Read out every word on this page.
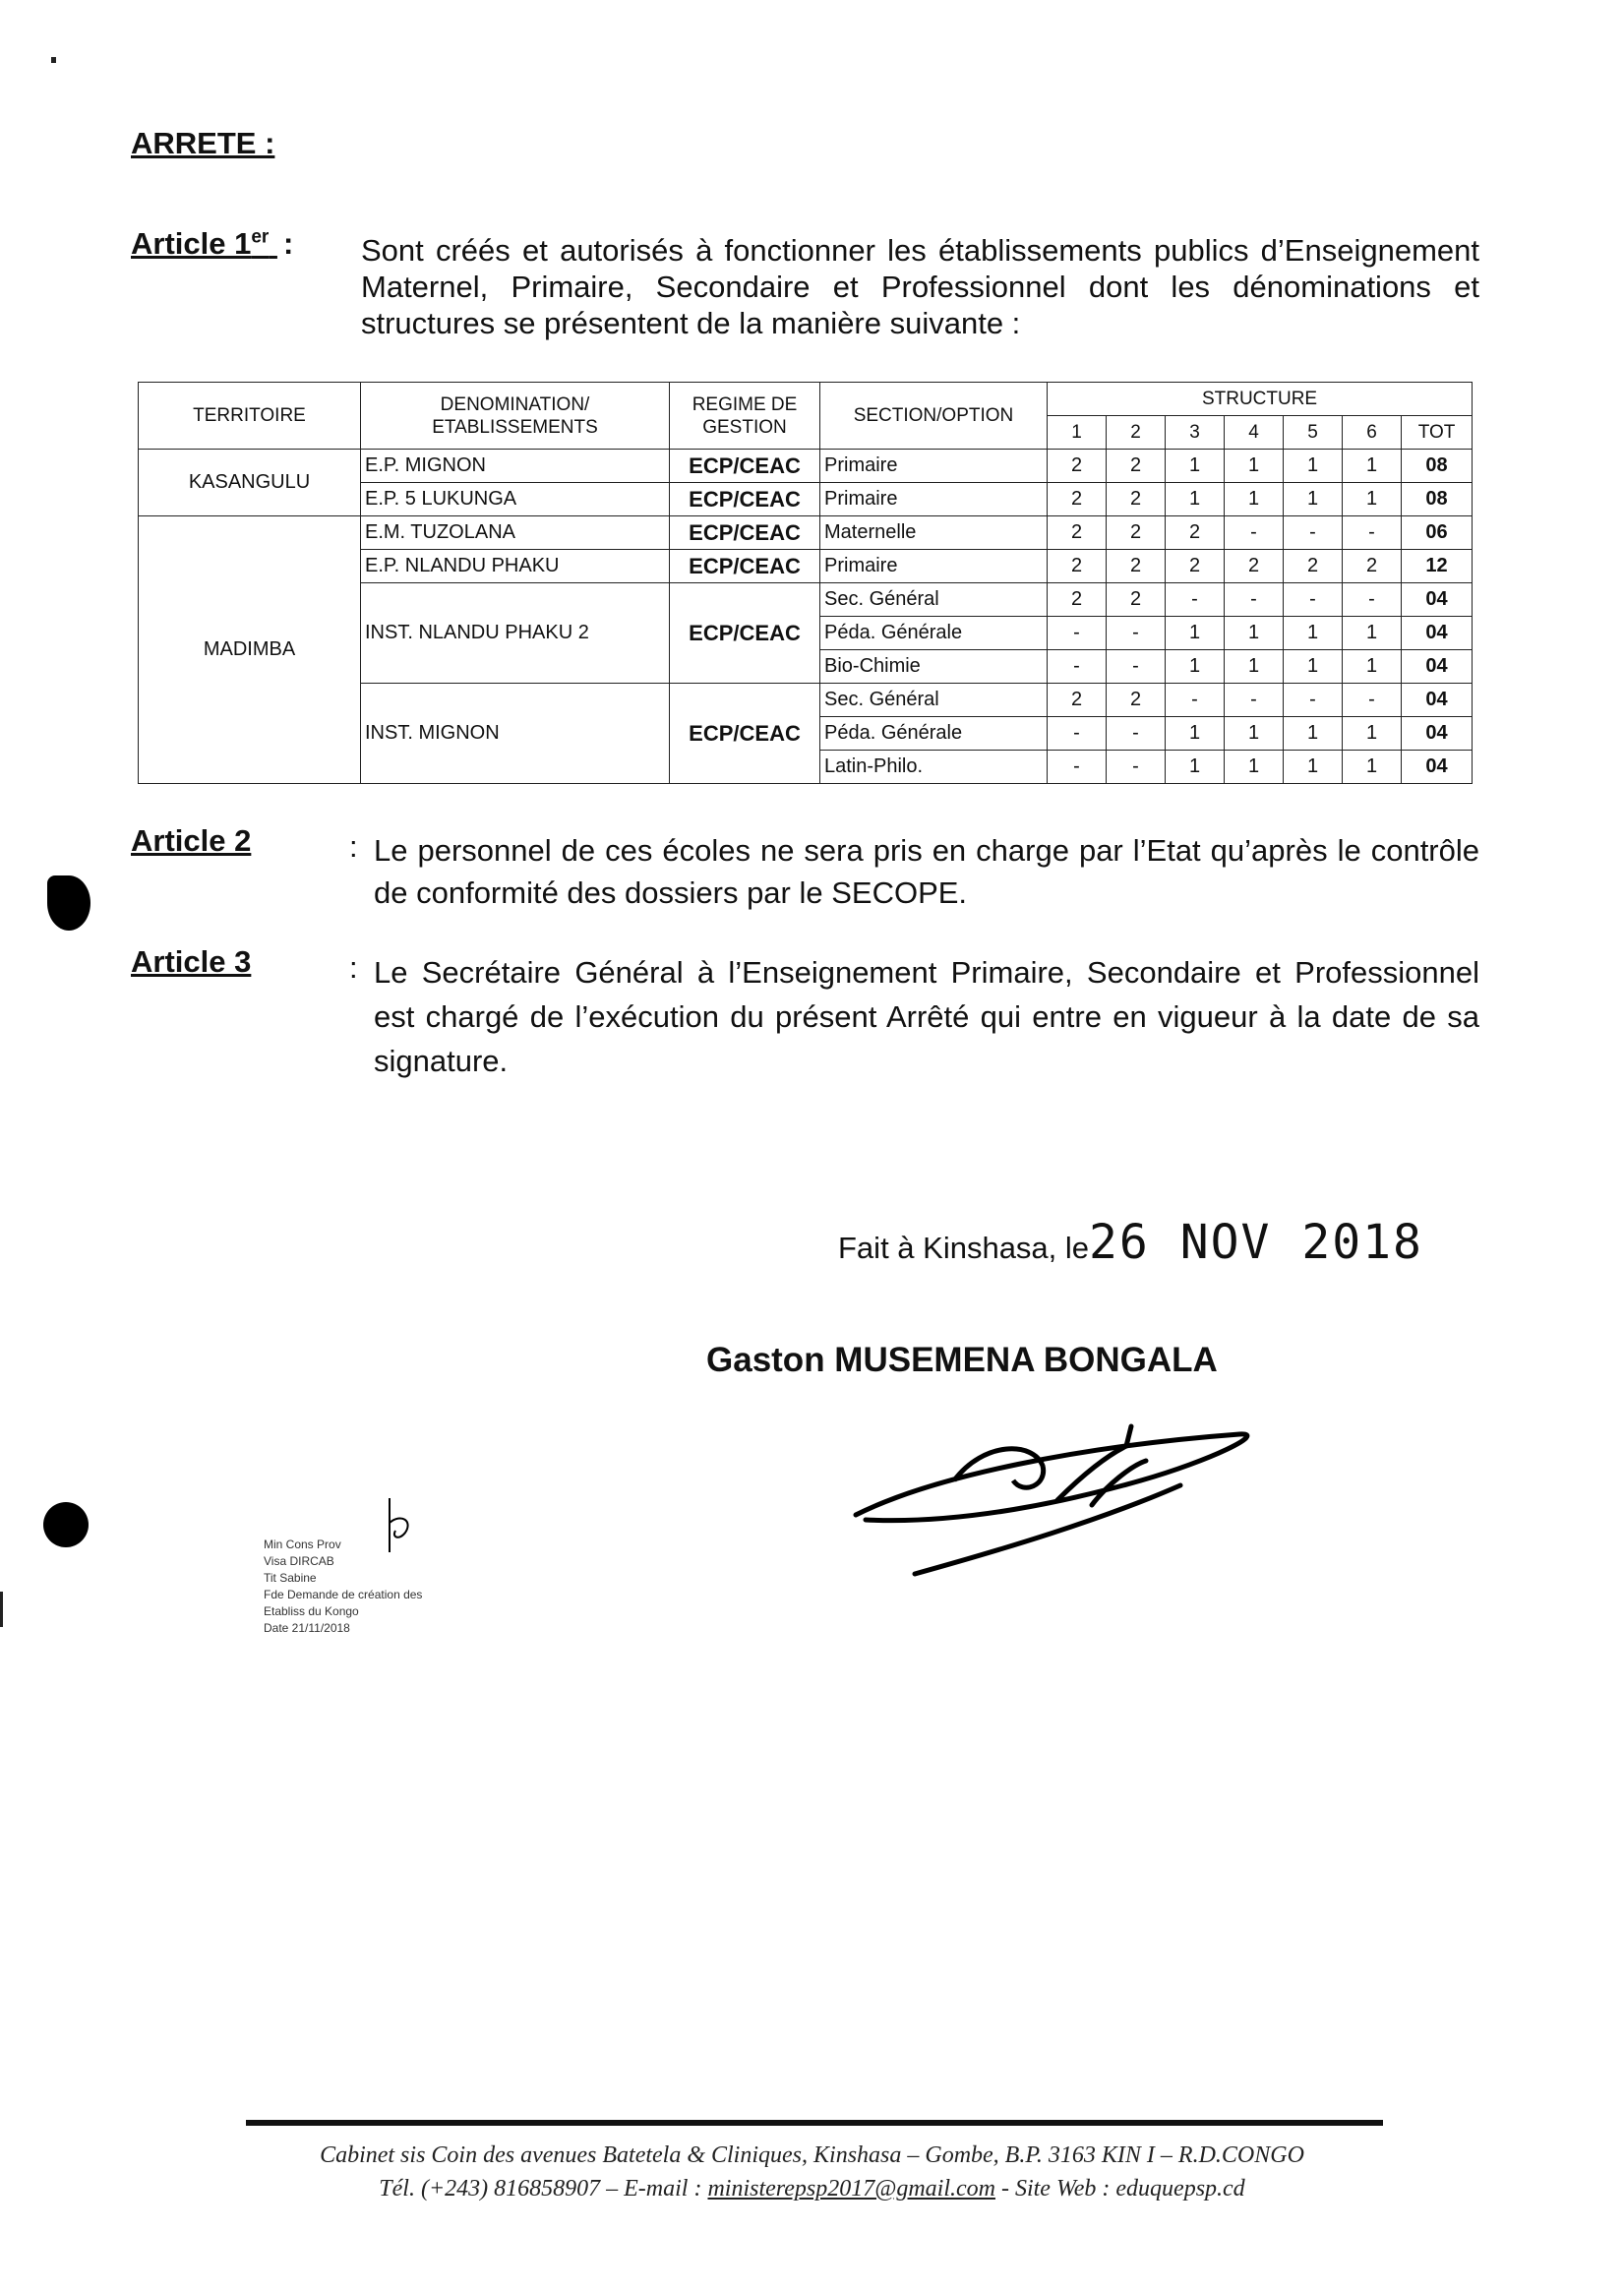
ARRETE :
Article 1er : Sont créés et autorisés à fonctionner les établissements publics d’Enseignement Maternel, Primaire, Secondaire et Professionnel dont les dénominations et structures se présentent de la manière suivante :
TERRITOIRE	DENOMINATION/ ETABLISSEMENTS	REGIME DE GESTION	SECTION/OPTION	STRUCTURE						
				1	2	3	4	5	6	TOT
KASANGULU	E.P. MIGNON	ECP/CEAC	Primaire	2	2	1	1	1	1	08
	E.P. 5 LUKUNGA	ECP/CEAC	Primaire	2	2	1	1	1	1	08
MADIMBA	E.M. TUZOLANA	ECP/CEAC	Maternelle	2	2	2	-	-	-	06
	E.P. NLANDU PHAKU	ECP/CEAC	Primaire	2	2	2	2	2	2	12
	INST. NLANDU PHAKU 2	ECP/CEAC	Sec. Général	2	2	-	-	-	-	04
			Péda. Générale	-	-	1	1	1	1	04
			Bio-Chimie	-	-	1	1	1	1	04
	INST. MIGNON	ECP/CEAC	Sec. Général	2	2	-	-	-	-	04
			Péda. Générale	-	-	1	1	1	1	04
			Latin-Philo.	-	-	1	1	1	1	04
Article 2	: Le personnel de ces écoles ne sera pris en charge par l’Etat qu’après le contrôle de conformité des dossiers par le SECOPE.
Article 3	: Le Secrétaire Général à l’Enseignement Primaire, Secondaire et Professionnel est chargé de l’exécution du présent Arrêté qui entre en vigueur à la date de sa signature.
Fait à Kinshasa, le26 NOV 2018
Gaston MUSEMENA BONGALA
Min Cons Prov
Visa DIRCAB
Tit Sabine
Fde Demande de création des
Etabliss du Kongo
Date 21/11/2018
Cabinet sis Coin des avenues Batetela & Cliniques, Kinshasa – Gombe, B.P. 3163 KIN I – R.D.CONGO
Tél. (+243) 816858907 – E-mail : ministerepsp2017@gmail.com - Site Web : eduquepsp.cd
